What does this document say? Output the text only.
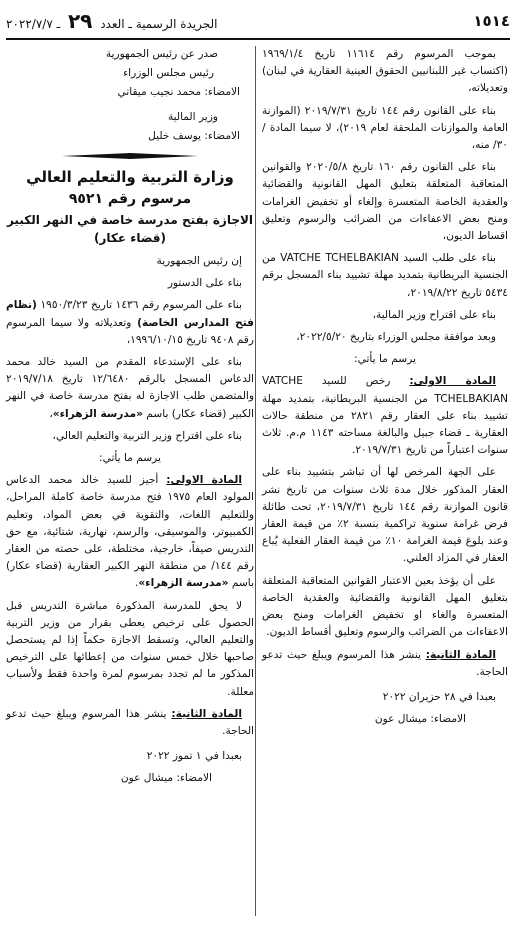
١٥١٤
الجريدة الرسمية ـ العدد ٢٩ ـ ٢٠٢٢/٧/٧

بموجب المرسوم رقم ١١٦١٤ تاريخ ١٩٦٩/١/٤ (اكتساب غير اللبنانيين الحقوق العينية العقارية في لبنان) وتعديلاته،

بناء على القانون رقم ١٤٤ تاريخ ٢٠١٩/٧/٣١ (الموازنة العامة والموازنات الملحقة لعام ٢٠١٩)، لا سيما المادة /٣٠/ منه،

بناء على القانون رقم ١٦٠ تاريخ ٢٠٢٠/٥/٨ والقوانين المتعاقبة المتعلقة بتعليق المهل القانونية والقضائية والعقدية الخاصة المتعسرة وإلغاء أو تخفيض الغرامات ومنح بعض الاعفاءات من الضرائب والرسوم وتعليق اقساط الديون،

بناء على طلب السيد VATCHE TCHELBAKIAN من الجنسية البريطانية بتمديد مهلة تشييد بناء المسجل برقم ٥٤٣٤ تاريخ ٢٠١٩/٨/٢٢،

بناء على اقتراح وزير المالية،

وبعد موافقة مجلس الوزراء بتاريخ ٢٠٢٢/٥/٢٠،

يرسم ما يأتي:

المادة الاولى: رخص للسيد VATCHE TCHELBAKIAN من الجنسية البريطانية، بتمديد مهلة تشييد بناء على العقار رقم ٢٨٢١ من منطقة حالات العقارية ـ قضاء جبيل والبالغة مساحته ١١٤٣ م.م. ثلاث سنوات اعتباراً من تاريخ ٢٠١٩/٧/٣١.

على الجهة المرخص لها أن تباشر بتشييد بناء على العقار المذكور خلال مدة ثلاث سنوات من تاريخ نشر قانون الموازنة رقم ١٤٤ تاريخ ٢٠١٩/٧/٣١، تحت طائلة فرض غرامة سنوية تراكمية بنسبة ٢٪ من قيمة العقار وعند بلوغ قيمة الغرامة ١٠٪ من قيمة العقار الفعلية يُباع العقار في المزاد العلني.

على أن يؤخذ بعين الاعتبار القوانين المتعاقبة المتعلقة بتعليق المهل القانونية والقضائية والعقدية الخاصة المتعسرة والغاء او تخفيض الغرامات ومنح بعض الاعفاءات من الضرائب والرسوم وتعليق أقساط الديون.

المادة الثانية: ينشر هذا المرسوم ويبلغ حيث تدعو الحاجة.

بعبدا في ٢٨ حزيران ٢٠٢٢

الامضاء: ميشال عون

صدر عن رئيس الجمهورية

رئيس مجلس الوزراء

الامضاء: محمد نجيب ميقاتي

وزير المالية

الامضاء: يوسف خليل

وزارة التربية والتعليم العالي
مرسوم رقم ٩٥٢١
الاجازة بفتح مدرسة خاصة في النهر الكبير
(قضاء عكار)

إن رئيس الجمهورية

بناء على الدستور

بناء على المرسوم رقم ١٤٣٦ تاريخ ١٩٥٠/٣/٢٣ (نظام فتح المدارس الخاصة) وتعديلاته ولا سيما المرسوم رقم ٩٤٠٨ تاريخ ١٩٩٦/١٠/١٥،

بناء على الإستدعاء المقدم من السيد خالد محمد الدعاس المسجل بالرقم ١٢/٦٤٨٠ تاريخ ٢٠١٩/٧/١٨ والمتضمن طلب الاجازة له بفتح مدرسة خاصة في النهر الكبير (قضاء عكار) باسم «مدرسة الزهراء»،

بناء على اقتراح وزير التربية والتعليم العالي،

يرسم ما يأتي:

المادة الاولى: أجيز للسيد خالد محمد الدعاس المولود العام ١٩٧٥ فتح مدرسة خاصة كاملة المراحل، وللتعليم اللغات، والتقوية في بعض المواد، وتعليم الكمبيوتر، والموسيقى، والرسم، نهارية، شتائية، مع حق التدريس صيفاً، خارجية، مختلطة، على حصته من العقار رقم ١٤٤/ من منطقة النهر الكبير العقارية (قضاء عكار) باسم «مدرسة الزهراء».

لا يحق للمدرسة المذكورة مباشرة التدريس قبل الحصول على ترخيص يعطى بقرار من وزير التربية والتعليم العالي، وتسقط الاجازة حكماً إذا لم يستحصل صاحبها خلال خمس سنوات من إعطائها على الترخيص المذكور ما لم تجدد بمرسوم لمرة واحدة فقط ولأسباب معللة.

المادة الثانية: ينشر هذا المرسوم ويبلغ حيث تدعو الحاجة.

بعبدا في ١ تموز ٢٠٢٢

الامضاء: ميشال عون
